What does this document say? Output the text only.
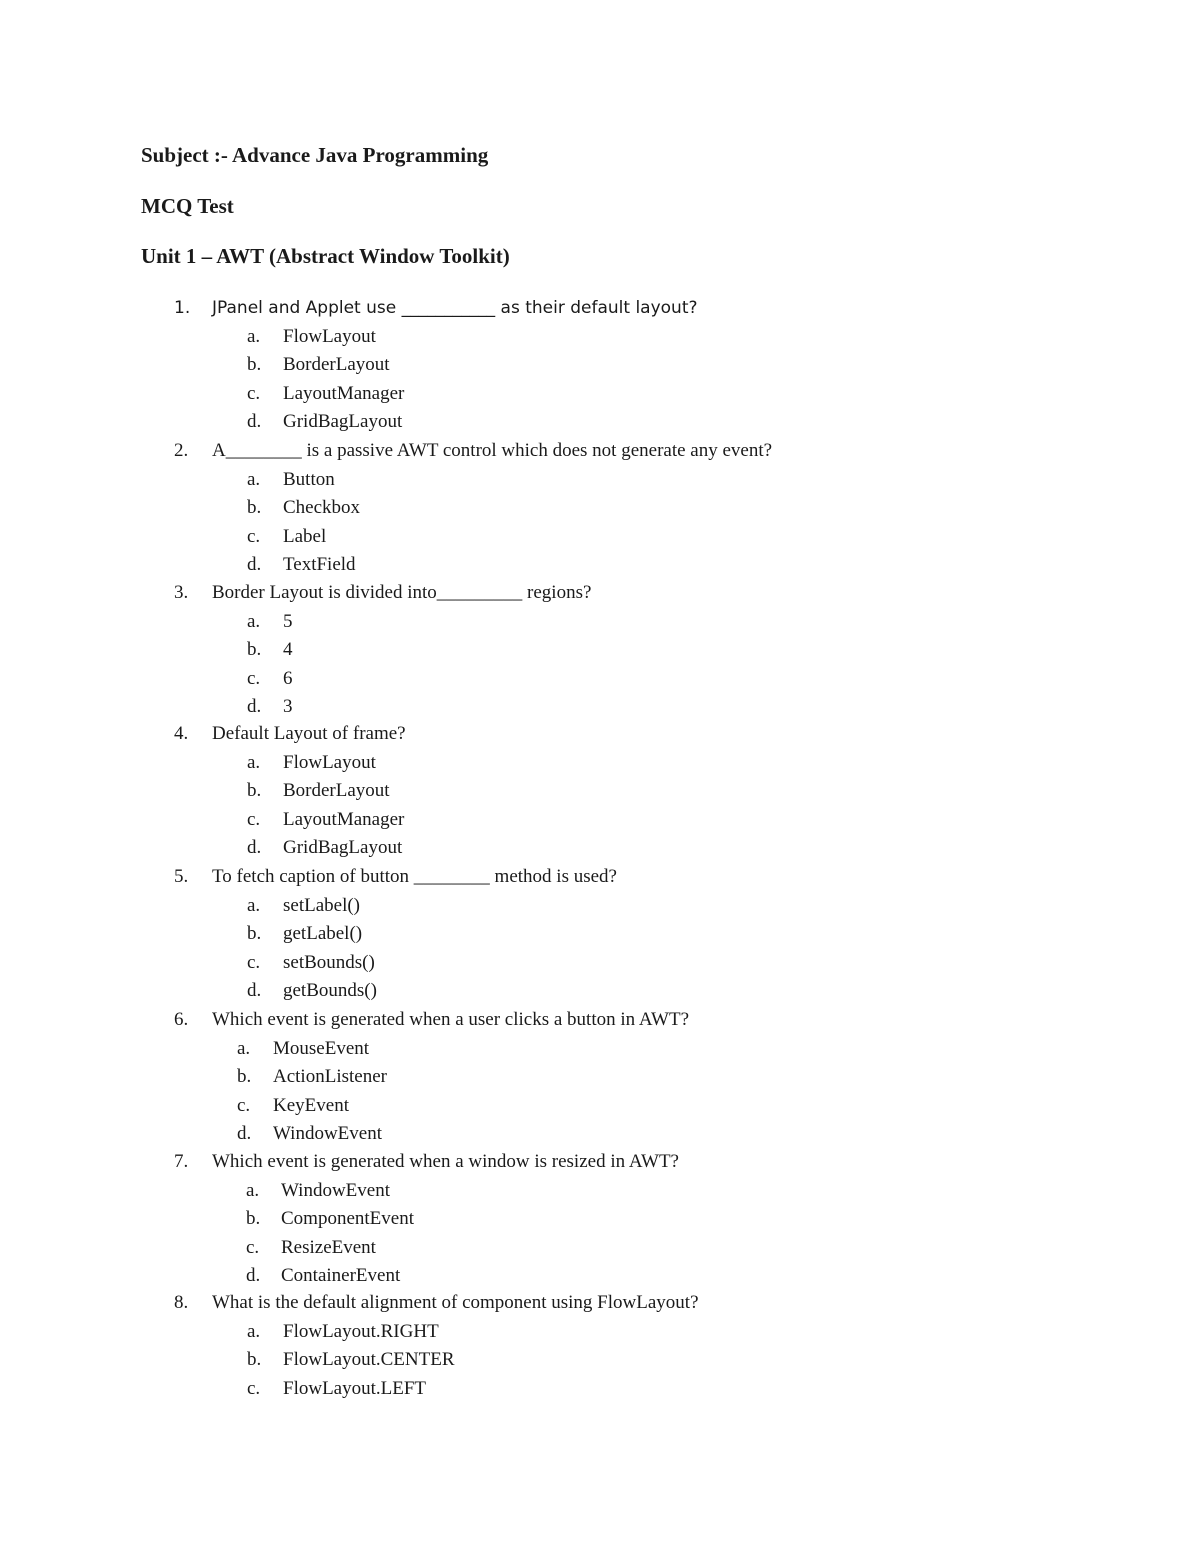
Subject :- Advance Java Programming
MCQ Test
Unit 1 – AWT (Abstract Window Toolkit)
1.	JPanel and Applet use ___________ as their default layout?
a.	FlowLayout
b.	BorderLayout
c.	LayoutManager
d.	GridBagLayout
2.	A________ is a passive AWT control which does not generate any event?
a.	Button
b.	Checkbox
c.	Label
d.	TextField
3.	Border Layout is divided into_________ regions?
a.	5
b.	4
c.	6
d.	3
4.	Default Layout of frame?
a.	FlowLayout
b.	BorderLayout
c.	LayoutManager
d.	GridBagLayout
5.	To fetch caption of button ________ method is used?
a.	setLabel()
b.	getLabel()
c.	setBounds()
d.	getBounds()
6.	Which event is generated when a user clicks a button in AWT?
a.	MouseEvent
b.	ActionListener
c.	KeyEvent
d.	WindowEvent
7.	Which event is generated when a window is resized in AWT?
a.	WindowEvent
b.	ComponentEvent
c.	ResizeEvent
d.	ContainerEvent
8.	What is the default alignment of component using FlowLayout?
a.	FlowLayout.RIGHT
b.	FlowLayout.CENTER
c.	FlowLayout.LEFT
